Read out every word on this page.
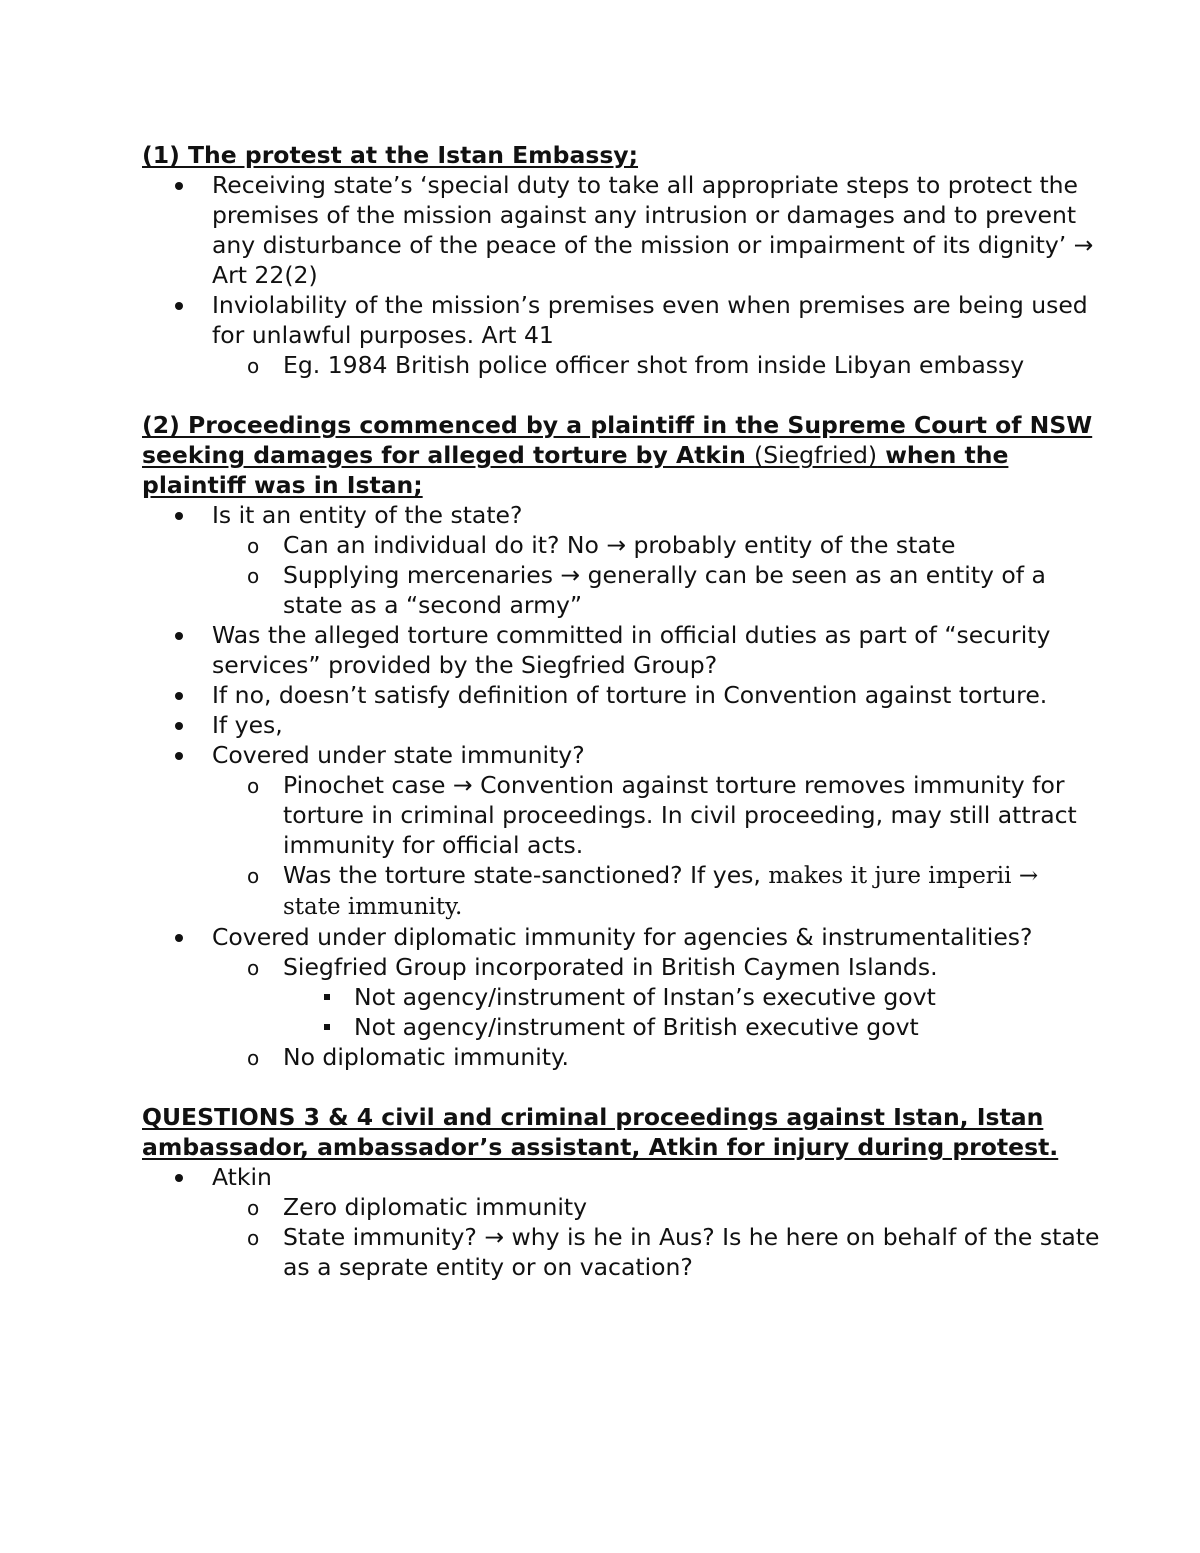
(1) The protest at the Istan Embassy;

Receiving state’s ‘special duty to take all appropriate steps to protect the premises of the mission against any intrusion or damages and to prevent any disturbance of the peace of the mission or impairment of its dignity’ → Art 22(2)
Inviolability of the mission’s premises even when premises are being used for unlawful purposes. Art 41
o Eg. 1984 British police officer shot from inside Libyan embassy

(2) Proceedings commenced by a plaintiff in the Supreme Court of NSW seeking damages for alleged torture by Atkin (Siegfried) when the plaintiff was in Istan;

Is it an entity of the state?
o Can an individual do it? No → probably entity of the state
o Supplying mercenaries → generally can be seen as an entity of a state as a “second army”
Was the alleged torture committed in official duties as part of “security services” provided by the Siegfried Group?
If no, doesn’t satisfy definition of torture in Convention against torture.
If yes,
Covered under state immunity?
o Pinochet case → Convention against torture removes immunity for torture in criminal proceedings. In civil proceeding, may still attract immunity for official acts.
o Was the torture state-sanctioned? If yes, makes it jure imperii → state immunity.
Covered under diplomatic immunity for agencies & instrumentalities?
o Siegfried Group incorporated in British Caymen Islands.
Not agency/instrument of Instan’s executive govt
Not agency/instrument of British executive govt
o No diplomatic immunity.

QUESTIONS 3 & 4 civil and criminal proceedings against Istan, Istan ambassador, ambassador’s assistant, Atkin for injury during protest.

Atkin
o Zero diplomatic immunity
o State immunity? → why is he in Aus? Is he here on behalf of the state as a seprate entity or on vacation?
